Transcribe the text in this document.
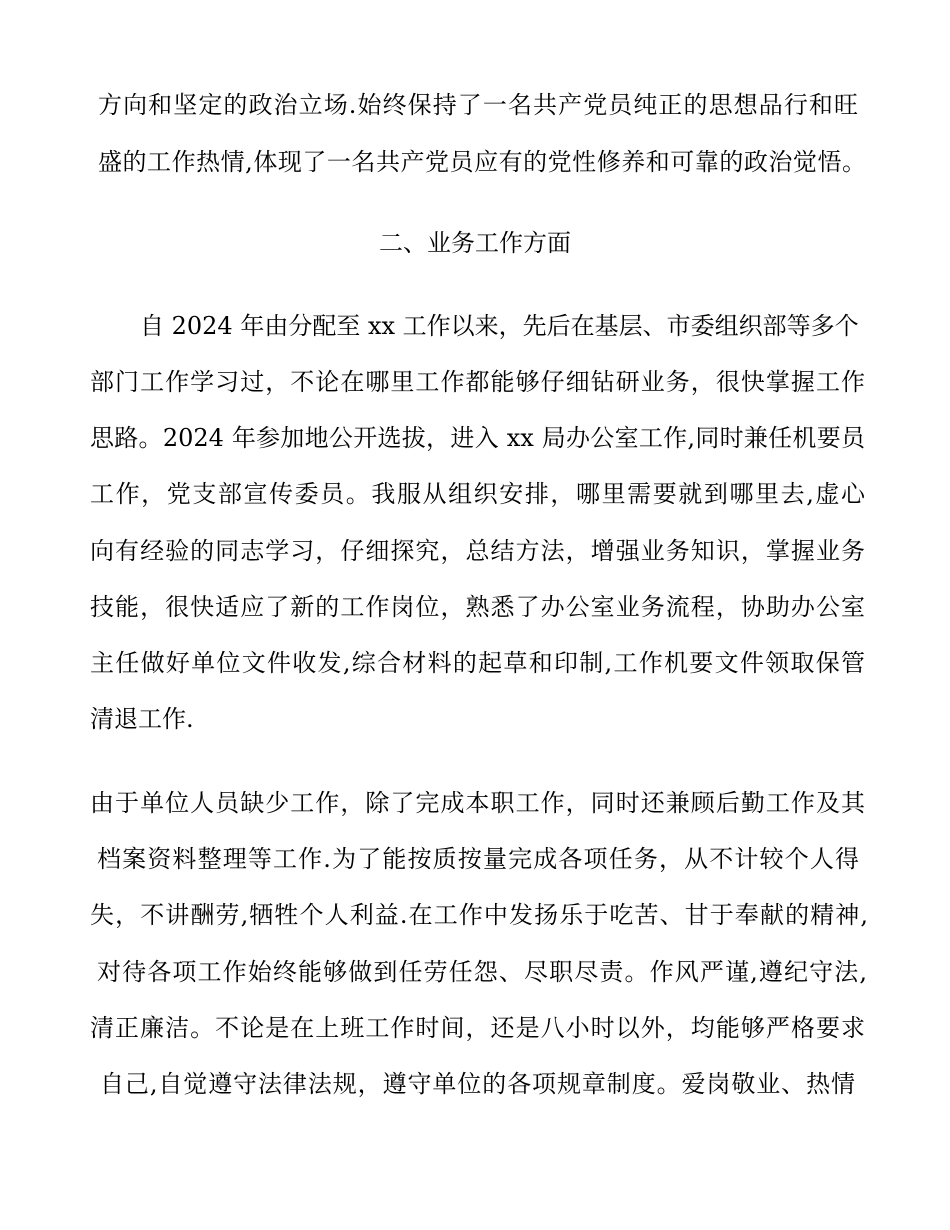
方向和坚定的政治立场.始终保持了一名共产党员纯正的思想品行和旺
盛的工作热情,体现了一名共产党员应有的党性修养和可靠的政治觉悟。
二、业务工作方面
自 2024 年由分配至 xx 工作以来，先后在基层、市委组织部等多个
部门工作学习过，不论在哪里工作都能够仔细钻研业务，很快掌握工作
思路。2024 年参加地公开选拔，进入 xx 局办公室工作,同时兼任机要员
工作，党支部宣传委员。我服从组织安排，哪里需要就到哪里去,虚心
向有经验的同志学习，仔细探究，总结方法，增强业务知识，掌握业务
技能，很快适应了新的工作岗位，熟悉了办公室业务流程，协助办公室
主任做好单位文件收发,综合材料的起草和印制,工作机要文件领取保管
清退工作.
由于单位人员缺少工作，除了完成本职工作，同时还兼顾后勤工作及其
档案资料整理等工作.为了能按质按量完成各项任务，从不计较个人得
失，不讲酬劳,牺牲个人利益.在工作中发扬乐于吃苦、甘于奉献的精神,
对待各项工作始终能够做到任劳任怨、尽职尽责。作风严谨,遵纪守法,
清正廉洁。不论是在上班工作时间，还是八小时以外，均能够严格要求
自己,自觉遵守法律法规，遵守单位的各项规章制度。爱岗敬业、热情
